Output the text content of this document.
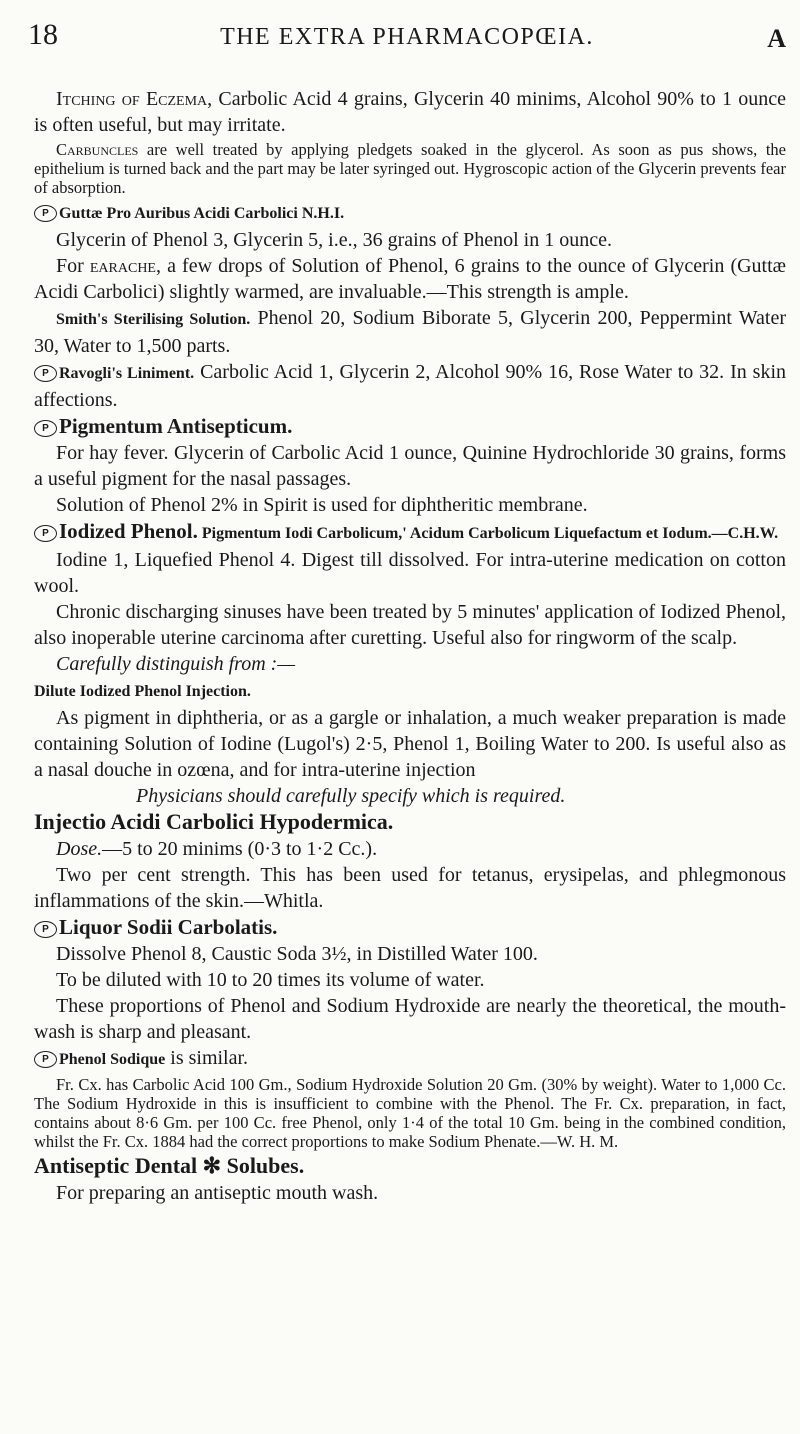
18	THE EXTRA PHARMACOPŒIA.	A

Itching of Eczema, Carbolic Acid 4 grains, Glycerin 40 minims, Alcohol 90% to 1 ounce is often useful, but may irritate.

Carbuncles are well treated by applying pledgets soaked in the glycerol. As soon as pus shows, the epithelium is turned back and the part may be later syringed out. Hygroscopic action of the Glycerin prevents fear of absorption.

P Guttæ Pro Auribus Acidi Carbolici N.H.I.

Glycerin of Phenol 3, Glycerin 5, i.e., 36 grains of Phenol in 1 ounce.

For earache, a few drops of Solution of Phenol, 6 grains to the ounce of Glycerin (Guttæ Acidi Carbolici) slightly warmed, are invaluable.—This strength is ample.

Smith's Sterilising Solution. Phenol 20, Sodium Biborate 5, Glycerin 200, Peppermint Water 30, Water to 1,500 parts.

P Ravogli's Liniment. Carbolic Acid 1, Glycerin 2, Alcohol 90% 16, Rose Water to 32. In skin affections.

P Pigmentum Antisepticum.

For hay fever. Glycerin of Carbolic Acid 1 ounce, Quinine Hydrochloride 30 grains, forms a useful pigment for the nasal passages.

Solution of Phenol 2% in Spirit is used for diphtheritic membrane.

P Iodized Phenol. Pigmentum Iodi Carbolicum,' Acidum Carbolicum Liquefactum et Iodum.—C.H.W.

Iodine 1, Liquefied Phenol 4. Digest till dissolved. For intra-uterine medication on cotton wool.

Chronic discharging sinuses have been treated by 5 minutes' application of Iodized Phenol, also inoperable uterine carcinoma after curetting. Useful also for ringworm of the scalp.

Carefully distinguish from :—

Dilute Iodized Phenol Injection.

As pigment in diphtheria, or as a gargle or inhalation, a much weaker preparation is made containing Solution of Iodine (Lugol's) 2·5, Phenol 1, Boiling Water to 200. Is useful also as a nasal douche in ozœna, and for intra-uterine injection

Physicians should carefully specify which is required.

Injectio Acidi Carbolici Hypodermica.

Dose.—5 to 20 minims (0·3 to 1·2 Cc.).

Two per cent strength. This has been used for tetanus, erysipelas, and phlegmonous inflammations of the skin.—Whitla.

P Liquor Sodii Carbolatis.

Dissolve Phenol 8, Caustic Soda 3½, in Distilled Water 100.

To be diluted with 10 to 20 times its volume of water.

These proportions of Phenol and Sodium Hydroxide are nearly the theoretical, the mouth-wash is sharp and pleasant.

P Phenol Sodique is similar.

Fr. Cx. has Carbolic Acid 100 Gm., Sodium Hydroxide Solution 20 Gm. (30% by weight). Water to 1,000 Cc. The Sodium Hydroxide in this is insufficient to combine with the Phenol. The Fr. Cx. preparation, in fact, contains about 8·6 Gm. per 100 Cc. free Phenol, only 1·4 of the total 10 Gm. being in the combined condition, whilst the Fr. Cx. 1884 had the correct proportions to make Sodium Phenate.—W. H. M.

Antiseptic Dental ✻ Solubes.

For preparing an antiseptic mouth wash.
